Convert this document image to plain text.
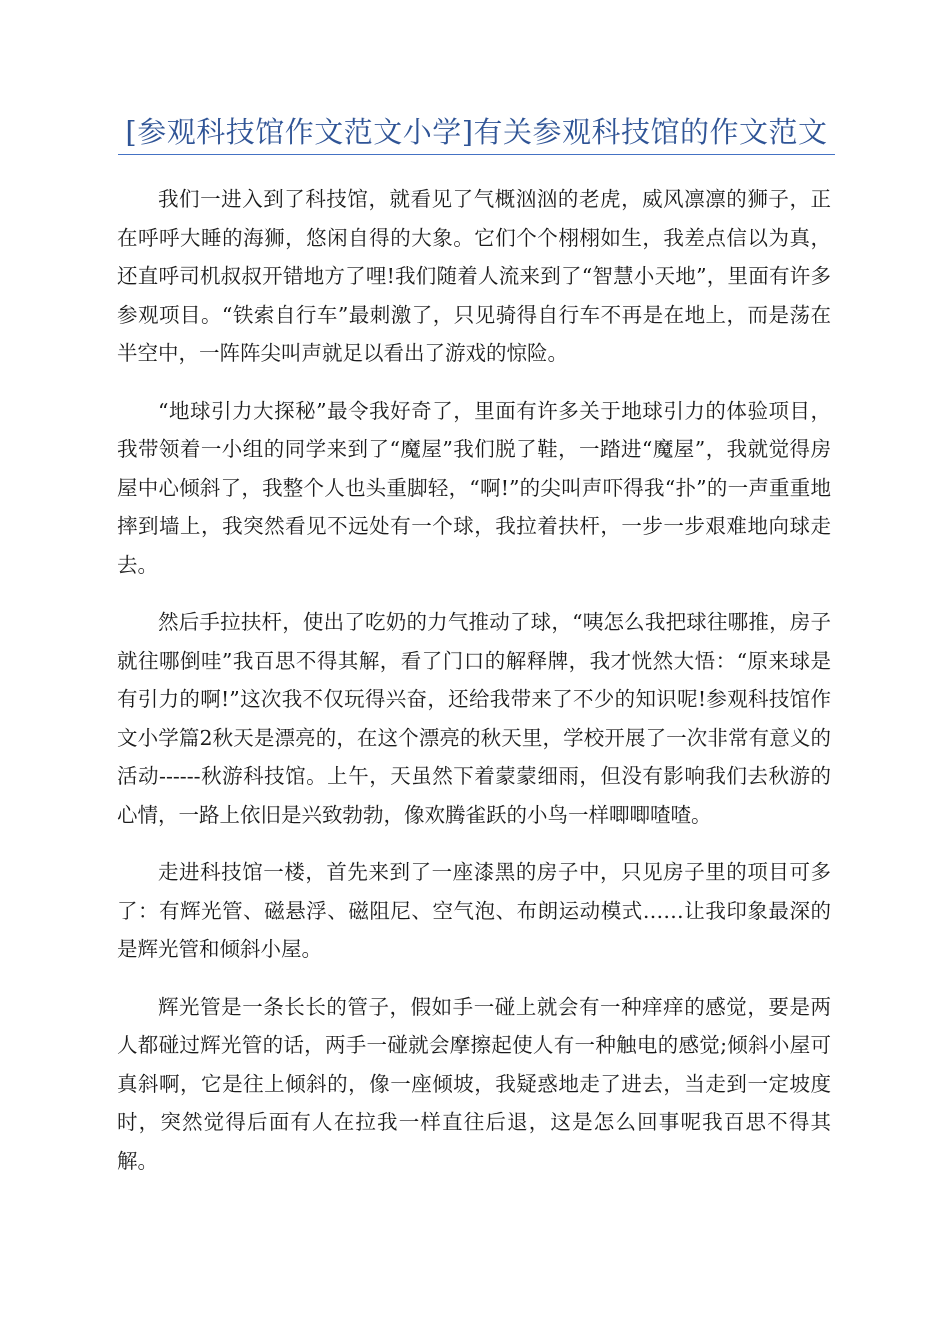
[参观科技馆作文范文小学]有关参观科技馆的作文范文

我们一进入到了科技馆，就看见了气概汹汹的老虎，威风凛凛的狮子，正在呼呼大睡的海狮，悠闲自得的大象。它们个个栩栩如生，我差点信以为真，还直呼司机叔叔开错地方了哩!我们随着人流来到了“智慧小天地”，里面有许多参观项目。“铁索自行车”最刺激了，只见骑得自行车不再是在地上，而是荡在半空中，一阵阵尖叫声就足以看出了游戏的惊险。

“地球引力大探秘”最令我好奇了，里面有许多关于地球引力的体验项目，我带领着一小组的同学来到了“魔屋”我们脱了鞋，一踏进“魔屋”，我就觉得房屋中心倾斜了，我整个人也头重脚轻，“啊!”的尖叫声吓得我“扑”的一声重重地摔到墙上，我突然看见不远处有一个球，我拉着扶杆，一步一步艰难地向球走去。

然后手拉扶杆，使出了吃奶的力气推动了球，“咦怎么我把球往哪推，房子就往哪倒哇”我百思不得其解，看了门口的解释牌，我才恍然大悟：“原来球是有引力的啊!”这次我不仅玩得兴奋，还给我带来了不少的知识呢!参观科技馆作文小学篇2秋天是漂亮的，在这个漂亮的秋天里，学校开展了一次非常有意义的活动------秋游科技馆。上午，天虽然下着蒙蒙细雨，但没有影响我们去秋游的心情，一路上依旧是兴致勃勃，像欢腾雀跃的小鸟一样唧唧喳喳。

走进科技馆一楼，首先来到了一座漆黑的房子中，只见房子里的项目可多了：有辉光管、磁悬浮、磁阻尼、空气泡、布朗运动模式……让我印象最深的是辉光管和倾斜小屋。

辉光管是一条长长的管子，假如手一碰上就会有一种痒痒的感觉，要是两人都碰过辉光管的话，两手一碰就会摩擦起使人有一种触电的感觉;倾斜小屋可真斜啊，它是往上倾斜的，像一座倾坡，我疑惑地走了进去，当走到一定坡度时，突然觉得后面有人在拉我一样直往后退，这是怎么回事呢我百思不得其解。
